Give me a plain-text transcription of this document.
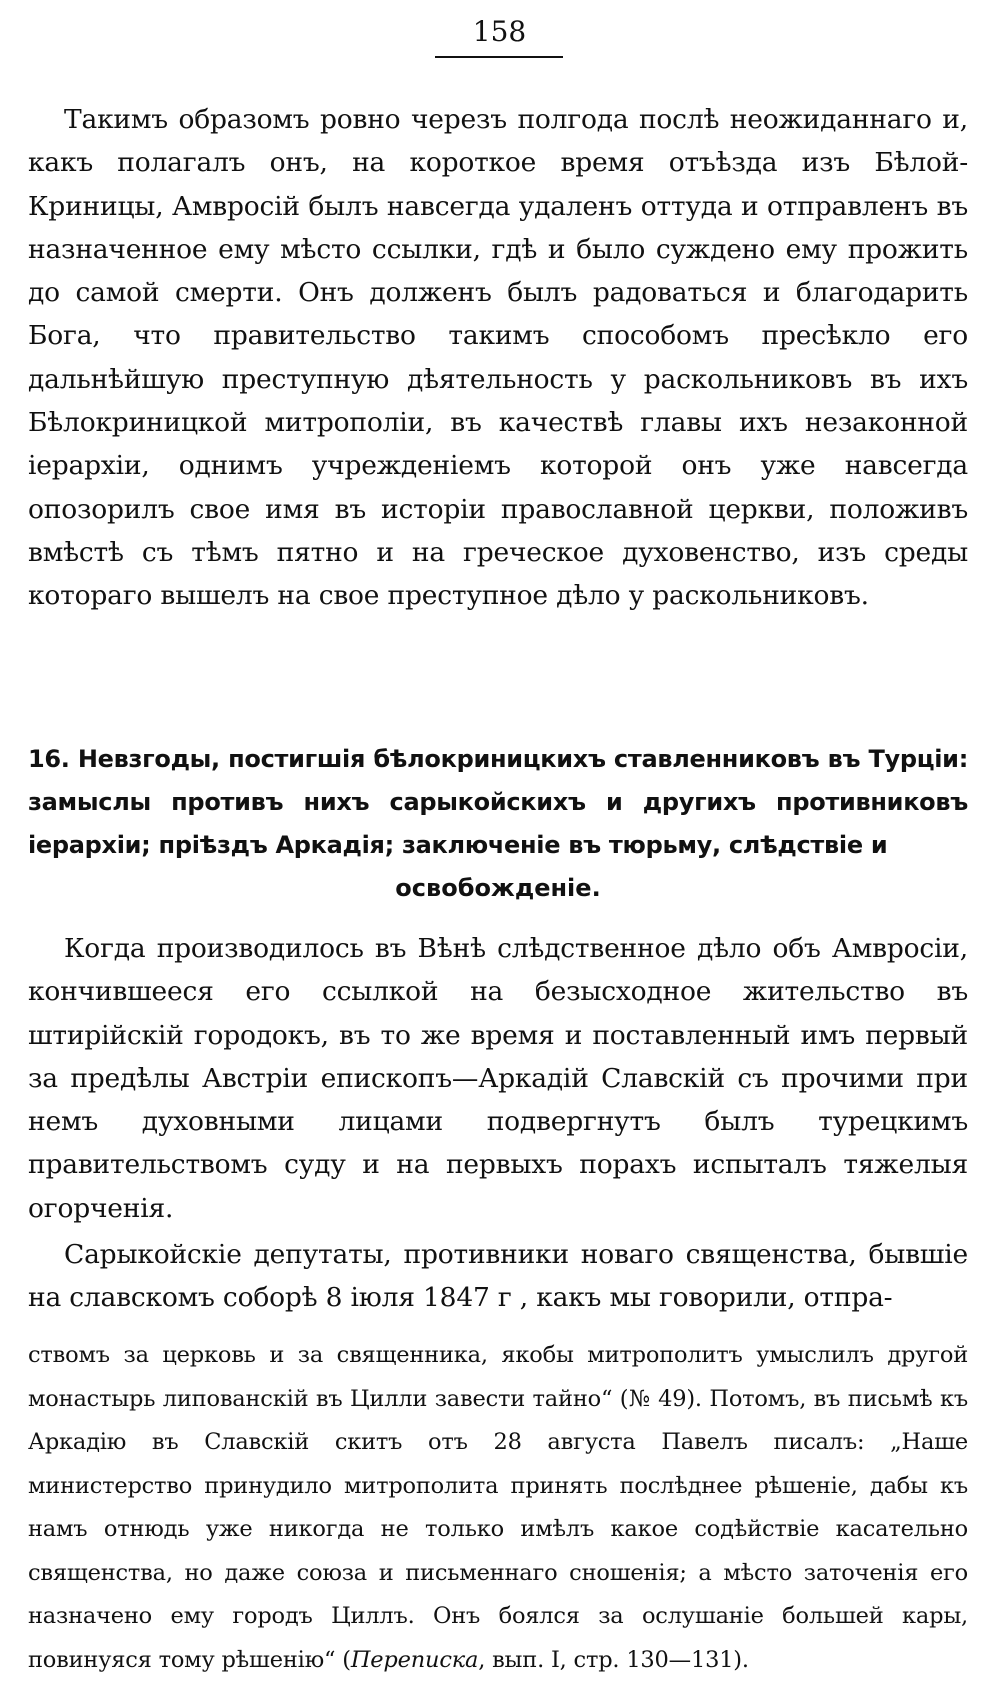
158

Такимъ образомъ ровно черезъ полгода послѣ неожиданнаго и, какъ полагалъ онъ, на короткое время отъѣзда изъ Бѣлой-Криницы, Амвросій былъ навсегда удаленъ оттуда и отправленъ въ назначенное ему мѣсто ссылки, гдѣ и было суждено ему прожить до самой смерти. Онъ долженъ былъ радоваться и благодарить Бога, что правительство такимъ способомъ пресѣкло его дальнѣйшую преступную дѣятельность у раскольниковъ въ ихъ Бѣлокриницкой митрополіи, въ качествѣ главы ихъ незаконной іерархіи, однимъ учрежденіемъ которой онъ уже навсегда опозорилъ свое имя въ исторіи православной церкви, положивъ вмѣстѣ съ тѣмъ пятно и на греческое духовенство, изъ среды котораго вышелъ на свое преступное дѣло у раскольниковъ.

16. Невзгоды, постигшія бѣлокриницкихъ ставленниковъ въ Турціи: замыслы противъ нихъ сарыкойскихъ и другихъ противниковъ іерархіи; пріѣздъ Аркадія; заключеніе въ тюрьму, слѣдствіе и

освобожденіе.

Когда производилось въ Вѣнѣ слѣдственное дѣло объ Амвросіи, кончившееся его ссылкой на безысходное жительство въ штирійскій городокъ, въ то же время и поставленный имъ первый за предѣлы Австріи епископъ—Аркадій Славскій съ прочими при немъ духовными лицами подвергнутъ былъ турецкимъ правительствомъ суду и на первыхъ порахъ испыталъ тяжелыя огорченія.

Сарыкойскіе депутаты, противники новаго священства, бывшіе на славскомъ соборѣ 8 іюля 1847 г , какъ мы говорили, отпра-

ствомъ за церковь и за священника, якобы митрополитъ умыслилъ другой монастырь липованскій въ Цилли завести тайно“ (№ 49). Потомъ, въ письмѣ къ Аркадію въ Славскій скитъ отъ 28 августа Павелъ писалъ: „Наше министерство принудило митрополита принять послѣднее рѣшеніе, дабы къ намъ отнюдь уже никогда не только имѣлъ какое содѣйствіе касательно священства, но даже союза и письменнаго сношенія; а мѣсто заточенія его назначено ему городъ Циллъ. Онъ боялся за ослушаніе большей кары, повинуяся тому рѣшенію“ (Переписка, вып. I, стр. 130—131).
